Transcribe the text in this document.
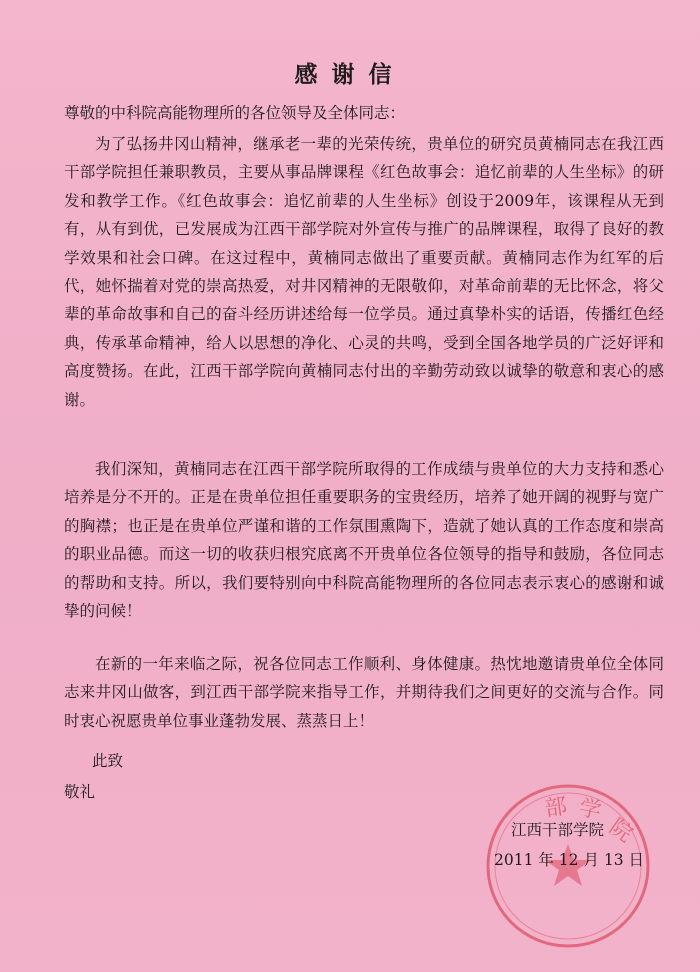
感谢信
尊敬的中科院高能物理所的各位领导及全体同志：

为了弘扬井冈山精神，继承老一辈的光荣传统，贵单位的研究员黄楠同志在我江西干部学院担任兼职教员，主要从事品牌课程《红色故事会：追忆前辈的人生坐标》的研发和教学工作。《红色故事会：追忆前辈的人生坐标》创设于2009年，该课程从无到有，从有到优，已发展成为江西干部学院对外宣传与推广的品牌课程，取得了良好的教学效果和社会口碑。在这过程中，黄楠同志做出了重要贡献。黄楠同志作为红军的后代，她怀揣着对党的崇高热爱，对井冈精神的无限敬仰，对革命前辈的无比怀念，将父辈的革命故事和自己的奋斗经历讲述给每一位学员。通过真挚朴实的话语，传播红色经典，传承革命精神，给人以思想的净化、心灵的共鸣，受到全国各地学员的广泛好评和高度赞扬。在此，江西干部学院向黄楠同志付出的辛勤劳动致以诚挚的敬意和衷心的感谢。

我们深知，黄楠同志在江西干部学院所取得的工作成绩与贵单位的大力支持和悉心培养是分不开的。正是在贵单位担任重要职务的宝贵经历，培养了她开阔的视野与宽广的胸襟；也正是在贵单位严谨和谐的工作氛围熏陶下，造就了她认真的工作态度和崇高的职业品德。而这一切的收获归根究底离不开贵单位各位领导的指导和鼓励，各位同志的帮助和支持。所以，我们要特别向中科院高能物理所的各位同志表示衷心的感谢和诚挚的问候！

在新的一年来临之际，祝各位同志工作顺利、身体健康。热忱地邀请贵单位全体同志来井冈山做客，到江西干部学院来指导工作，并期待我们之间更好的交流与合作。同时衷心祝愿贵单位事业蓬勃发展、蒸蒸日上！

此致
敬礼
部 学
院
江西干部学院
2011 年 12 月 13 日
